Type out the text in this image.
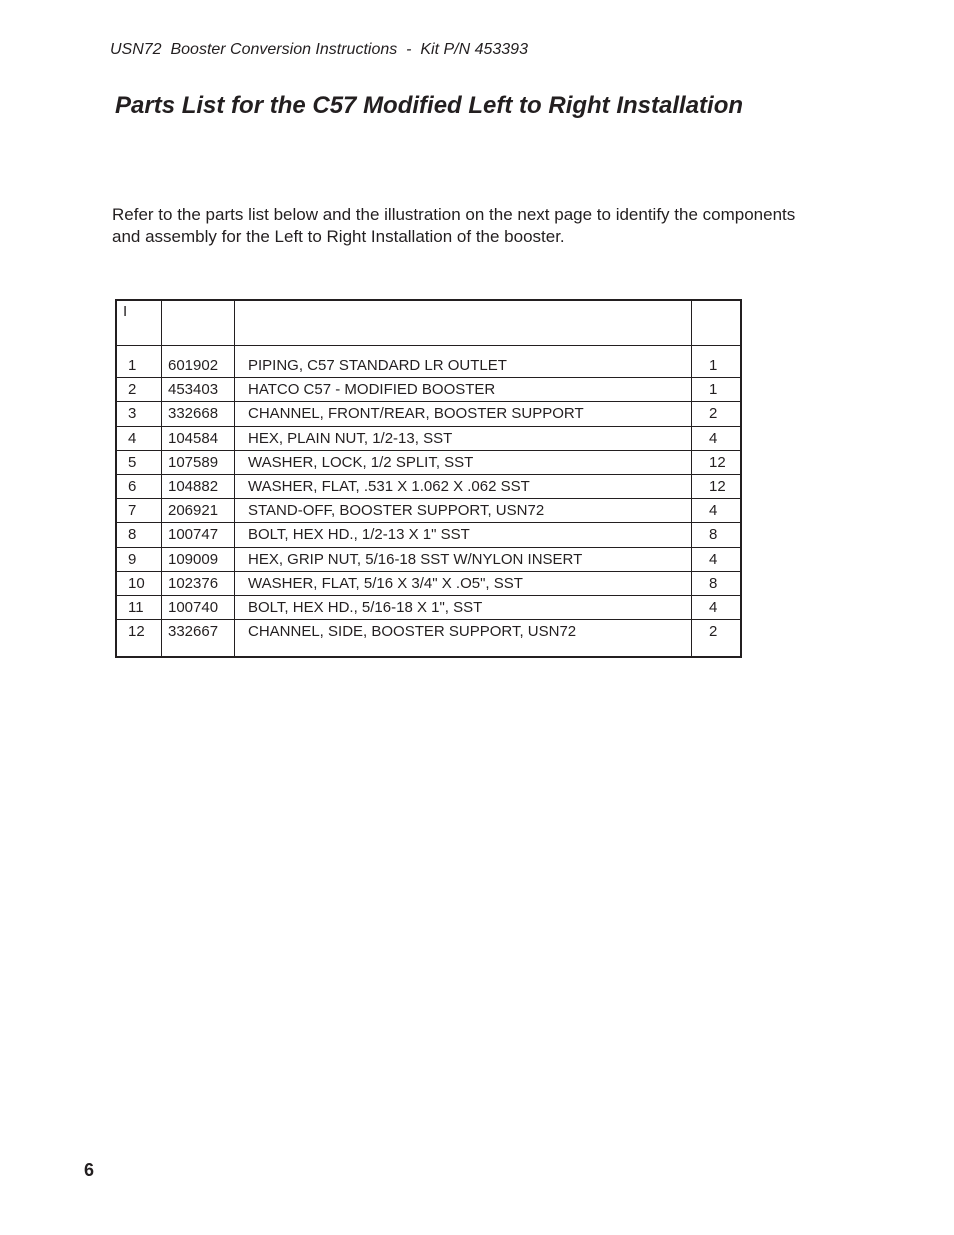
USN72  Booster Conversion Instructions  -  Kit P/N 453393
Parts List for the C57 Modified Left to Right Installation

Refer to the parts list below and the illustration on the next page to identify the components and assembly for the Left to Right Installation of the booster.

I
1 601902 PIPING, C57 STANDARD LR OUTLET	1
2 453403 HATCO C57 - MODIFIED BOOSTER	1
3 332668 CHANNEL, FRONT/REAR, BOOSTER SUPPORT	2
4 104584 HEX, PLAIN NUT, 1/2-13, SST	4
5 107589 WASHER, LOCK, 1/2 SPLIT, SST	12
6 104882 WASHER, FLAT, .531 X 1.062 X .062 SST	12
7 206921 STAND-OFF, BOOSTER SUPPORT, USN72	4
8 100747 BOLT, HEX HD., 1/2-13 X 1" SST	8
9 109009 HEX, GRIP NUT, 5/16-18 SST W/NYLON INSERT	4
10 102376 WASHER, FLAT, 5/16 X 3/4" X .O5", SST	8
11 100740 BOLT, HEX HD., 5/16-18 X 1", SST	4
12 332667 CHANNEL, SIDE, BOOSTER SUPPORT, USN72	2
6
